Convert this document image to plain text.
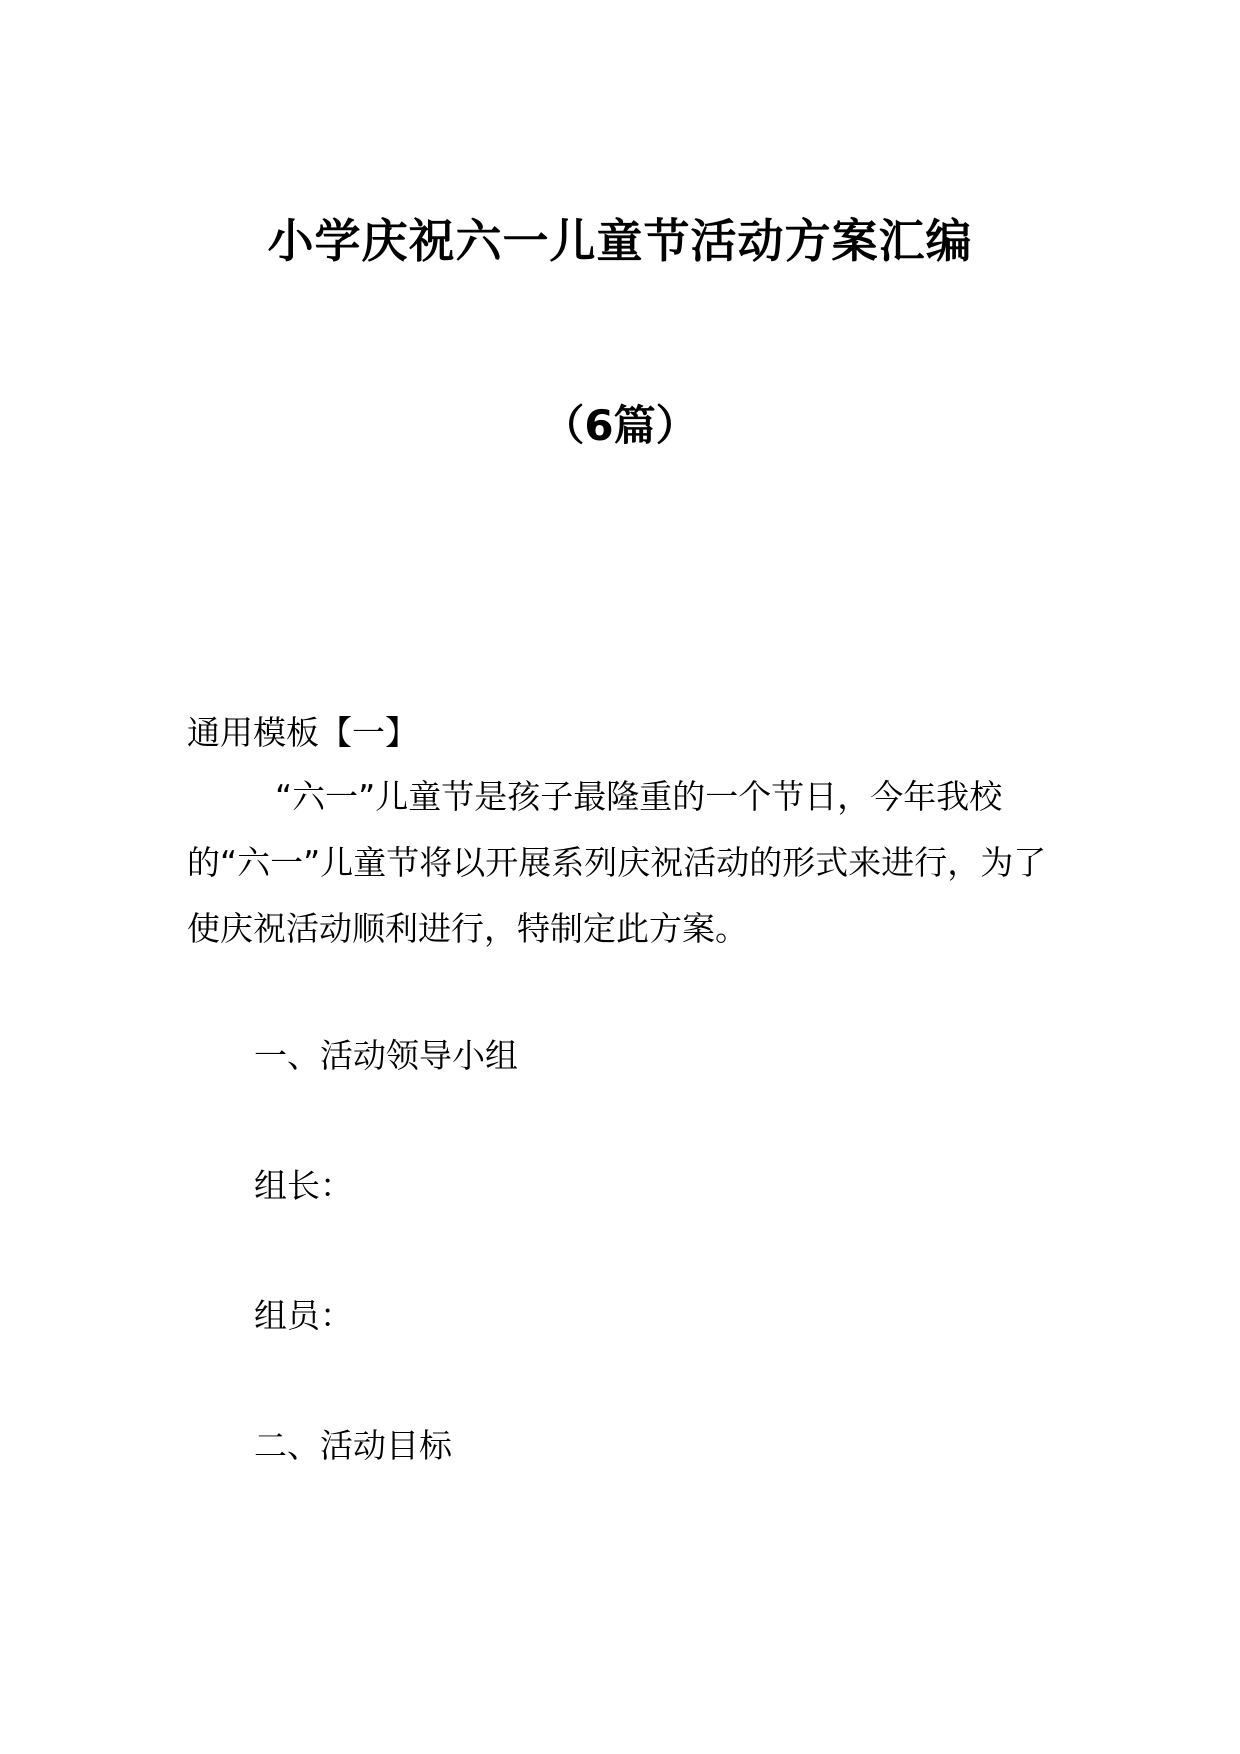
小学庆祝六一儿童节活动方案汇编
（6篇）
通用模板【一】
“六一”儿童节是孩子最隆重的一个节日，今年我校的“六一”儿童节将以开展系列庆祝活动的形式来进行，为了使庆祝活动顺利进行，特制定此方案。
一、活动领导小组
组长：
组员：
二、活动目标
